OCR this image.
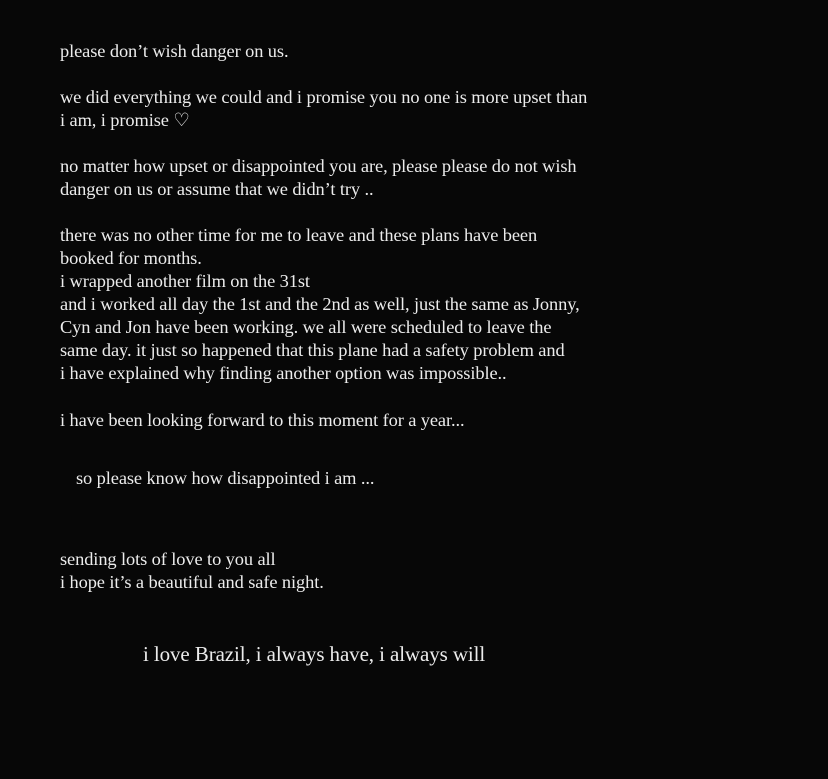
please don’t wish danger on us.
we did everything we could and i promise you no one is more upset than
i am, i promise ♡
no matter how upset or disappointed you are, please please do not wish
danger on us or assume that we didn’t try ..
there was no other time for me to leave and these plans have been
booked for months.
i wrapped another film on the 31st
and i worked all day the 1st and the 2nd as well, just the same as Jonny,
Cyn and Jon have been working. we all were scheduled to leave the
same day. it just so happened that this plane had a safety problem and
i have explained why finding another option was impossible..
i have been looking forward to this moment for a year...
so please know how disappointed i am ...
sending lots of love to you all
i hope it’s a beautiful and safe night.
i love Brazil, i always have, i always will
